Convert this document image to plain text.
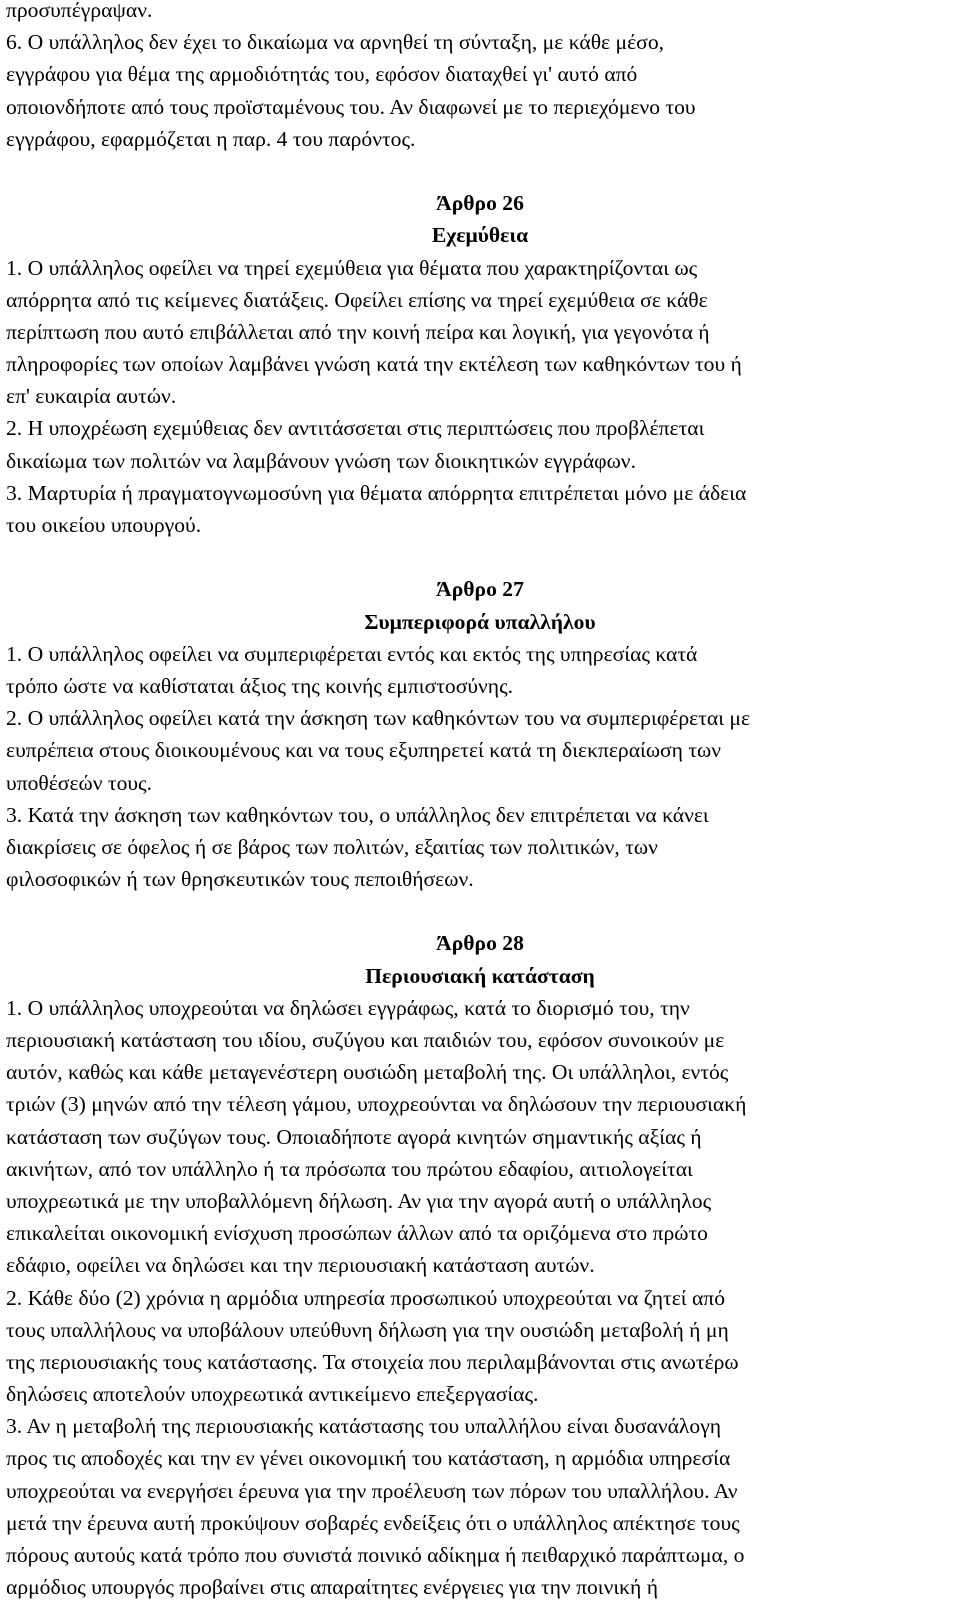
προσυπέγραψαν.
6. Ο υπάλληλος δεν έχει το δικαίωμα να αρνηθεί τη σύνταξη, με κάθε μέσο,
εγγράφου για θέμα της αρμοδιότητάς του, εφόσον διαταχθεί γι' αυτό από
οποιονδήποτε από τους προϊσταμένους του. Αν διαφωνεί με το περιεχόμενο του
εγγράφου, εφαρμόζεται η παρ. 4 του παρόντος.
Άρθρο 26
Εχεμύθεια
1. Ο υπάλληλος οφείλει να τηρεί εχεμύθεια για θέματα που χαρακτηρίζονται ως
απόρρητα από τις κείμενες διατάξεις. Οφείλει επίσης να τηρεί εχεμύθεια σε κάθε
περίπτωση που αυτό επιβάλλεται από την κοινή πείρα και λογική, για γεγονότα ή
πληροφορίες των οποίων λαμβάνει γνώση κατά την εκτέλεση των καθηκόντων του ή
επ' ευκαιρία αυτών.
2. Η υποχρέωση εχεμύθειας δεν αντιτάσσεται στις περιπτώσεις που προβλέπεται
δικαίωμα των πολιτών να λαμβάνουν γνώση των διοικητικών εγγράφων.
3. Μαρτυρία ή πραγματογνωμοσύνη για θέματα απόρρητα επιτρέπεται μόνο με άδεια
του οικείου υπουργού.
Άρθρο 27
Συμπεριφορά υπαλλήλου
1. Ο υπάλληλος οφείλει να συμπεριφέρεται εντός και εκτός της υπηρεσίας κατά
τρόπο ώστε να καθίσταται άξιος της κοινής εμπιστοσύνης.
2. Ο υπάλληλος οφείλει κατά την άσκηση των καθηκόντων του να συμπεριφέρεται με
ευπρέπεια στους διοικουμένους και να τους εξυπηρετεί κατά τη διεκπεραίωση των
υποθέσεών τους.
3. Κατά την άσκηση των καθηκόντων του, ο υπάλληλος δεν επιτρέπεται να κάνει
διακρίσεις σε όφελος ή σε βάρος των πολιτών, εξαιτίας των πολιτικών, των
φιλοσοφικών ή των θρησκευτικών τους πεποιθήσεων.
Άρθρο 28
Περιουσιακή κατάσταση
1. Ο υπάλληλος υποχρεούται να δηλώσει εγγράφως, κατά το διορισμό του, την
περιουσιακή κατάσταση του ιδίου, συζύγου και παιδιών του, εφόσον συνοικούν με
αυτόν, καθώς και κάθε μεταγενέστερη ουσιώδη μεταβολή της. Οι υπάλληλοι, εντός
τριών (3) μηνών από την τέλεση γάμου, υποχρεούνται να δηλώσουν την περιουσιακή
κατάσταση των συζύγων τους. Οποιαδήποτε αγορά κινητών σημαντικής αξίας ή
ακινήτων, από τον υπάλληλο ή τα πρόσωπα του πρώτου εδαφίου, αιτιολογείται
υποχρεωτικά με την υποβαλλόμενη δήλωση. Αν για την αγορά αυτή ο υπάλληλος
επικαλείται οικονομική ενίσχυση προσώπων άλλων από τα οριζόμενα στο πρώτο
εδάφιο, οφείλει να δηλώσει και την περιουσιακή κατάσταση αυτών.
2. Κάθε δύο (2) χρόνια η αρμόδια υπηρεσία προσωπικού υποχρεούται να ζητεί από
τους υπαλλήλους να υποβάλουν υπεύθυνη δήλωση για την ουσιώδη μεταβολή ή μη
της περιουσιακής τους κατάστασης. Τα στοιχεία που περιλαμβάνονται στις ανωτέρω
δηλώσεις αποτελούν υποχρεωτικά αντικείμενο επεξεργασίας.
3. Αν η μεταβολή της περιουσιακής κατάστασης του υπαλλήλου είναι δυσανάλογη
προς τις αποδοχές και την εν γένει οικονομική του κατάσταση, η αρμόδια υπηρεσία
υποχρεούται να ενεργήσει έρευνα για την προέλευση των πόρων του υπαλλήλου. Αν
μετά την έρευνα αυτή προκύψουν σοβαρές ενδείξεις ότι ο υπάλληλος απέκτησε τους
πόρους αυτούς κατά τρόπο που συνιστά ποινικό αδίκημα ή πειθαρχικό παράπτωμα, ο
αρμόδιος υπουργός προβαίνει στις απαραίτητες ενέργειες για την ποινική ή
